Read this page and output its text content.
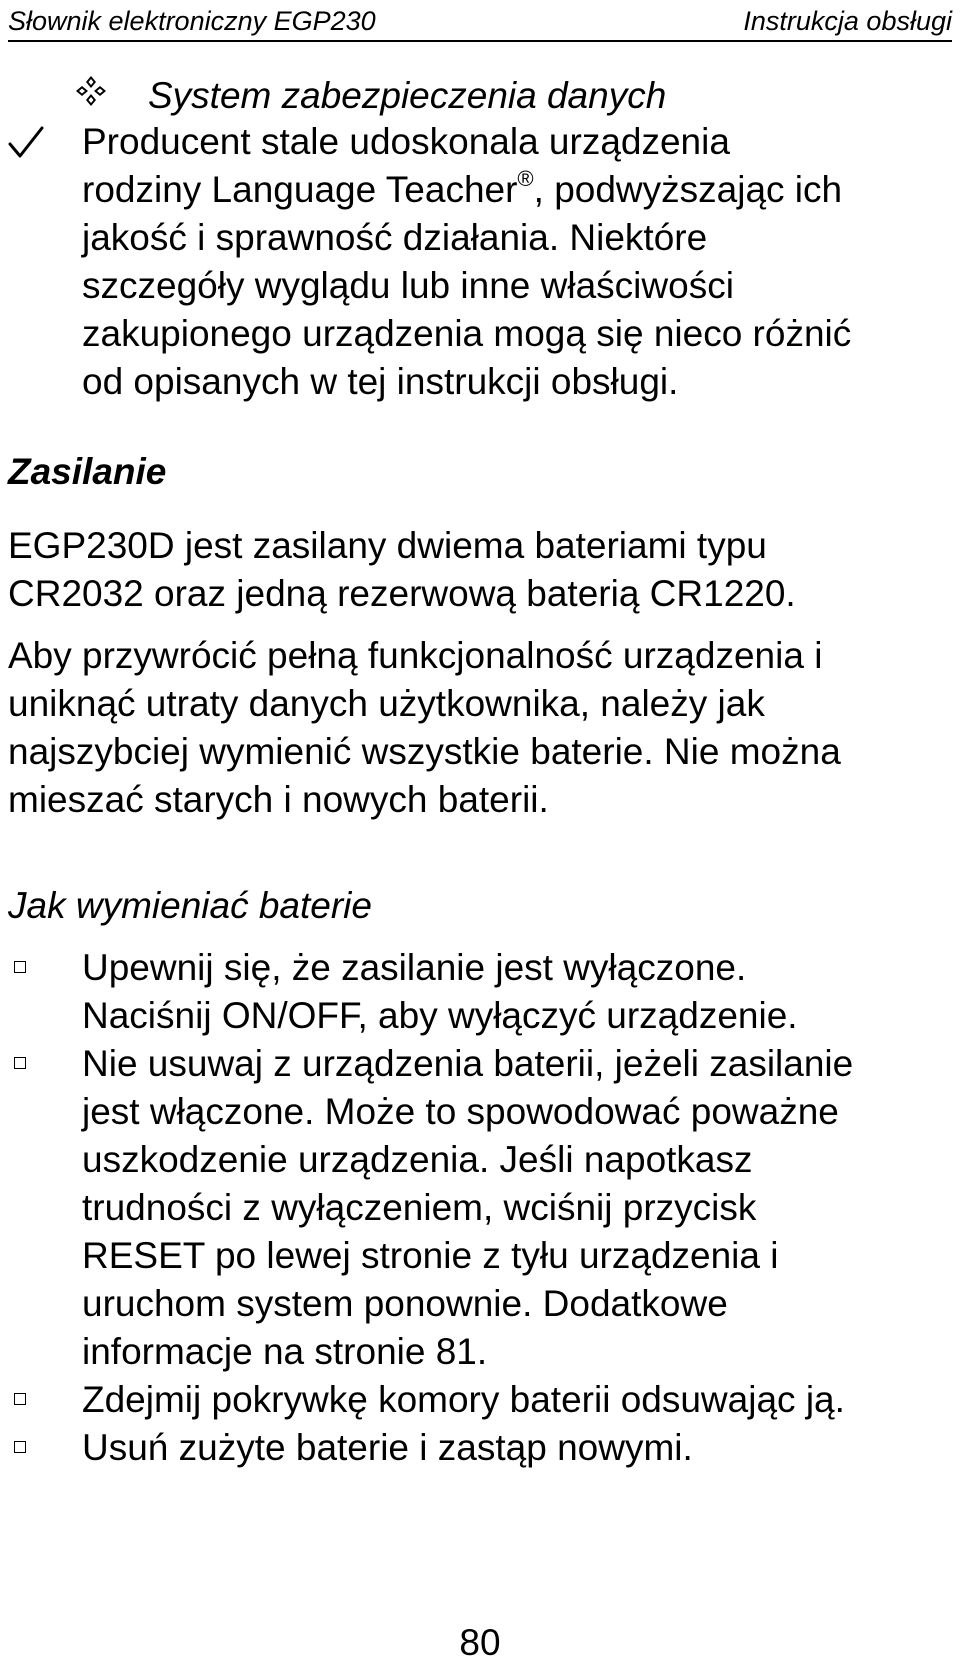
Słownik elektroniczny EGP230	Instrukcja obsługi
System zabezpieczenia danych
Producent stale udoskonala urządzenia
rodziny Language Teacher®, podwyższając ich
jakość i sprawność działania. Niektóre
szczegóły wyglądu lub inne właściwości
zakupionego urządzenia mogą się nieco różnić
od opisanych w tej instrukcji obsługi.
Zasilanie
EGP230D jest zasilany dwiema bateriami typu
CR2032 oraz jedną rezerwową baterią CR1220.
Aby przywrócić pełną funkcjonalność urządzenia i
uniknąć utraty danych użytkownika, należy jak
najszybciej wymienić wszystkie baterie. Nie można
mieszać starych i nowych baterii.
Jak wymieniać baterie
Upewnij się, że zasilanie jest wyłączone.
Naciśnij ON/OFF, aby wyłączyć urządzenie.
Nie usuwaj z urządzenia baterii, jeżeli zasilanie
jest włączone. Może to spowodować poważne
uszkodzenie urządzenia. Jeśli napotkasz
trudności z wyłączeniem, wciśnij przycisk
RESET po lewej stronie z tyłu urządzenia i
uruchom system ponownie. Dodatkowe
informacje na stronie 81.
Zdejmij pokrywkę komory baterii odsuwając ją.
Usuń zużyte baterie i zastąp nowymi.
80
